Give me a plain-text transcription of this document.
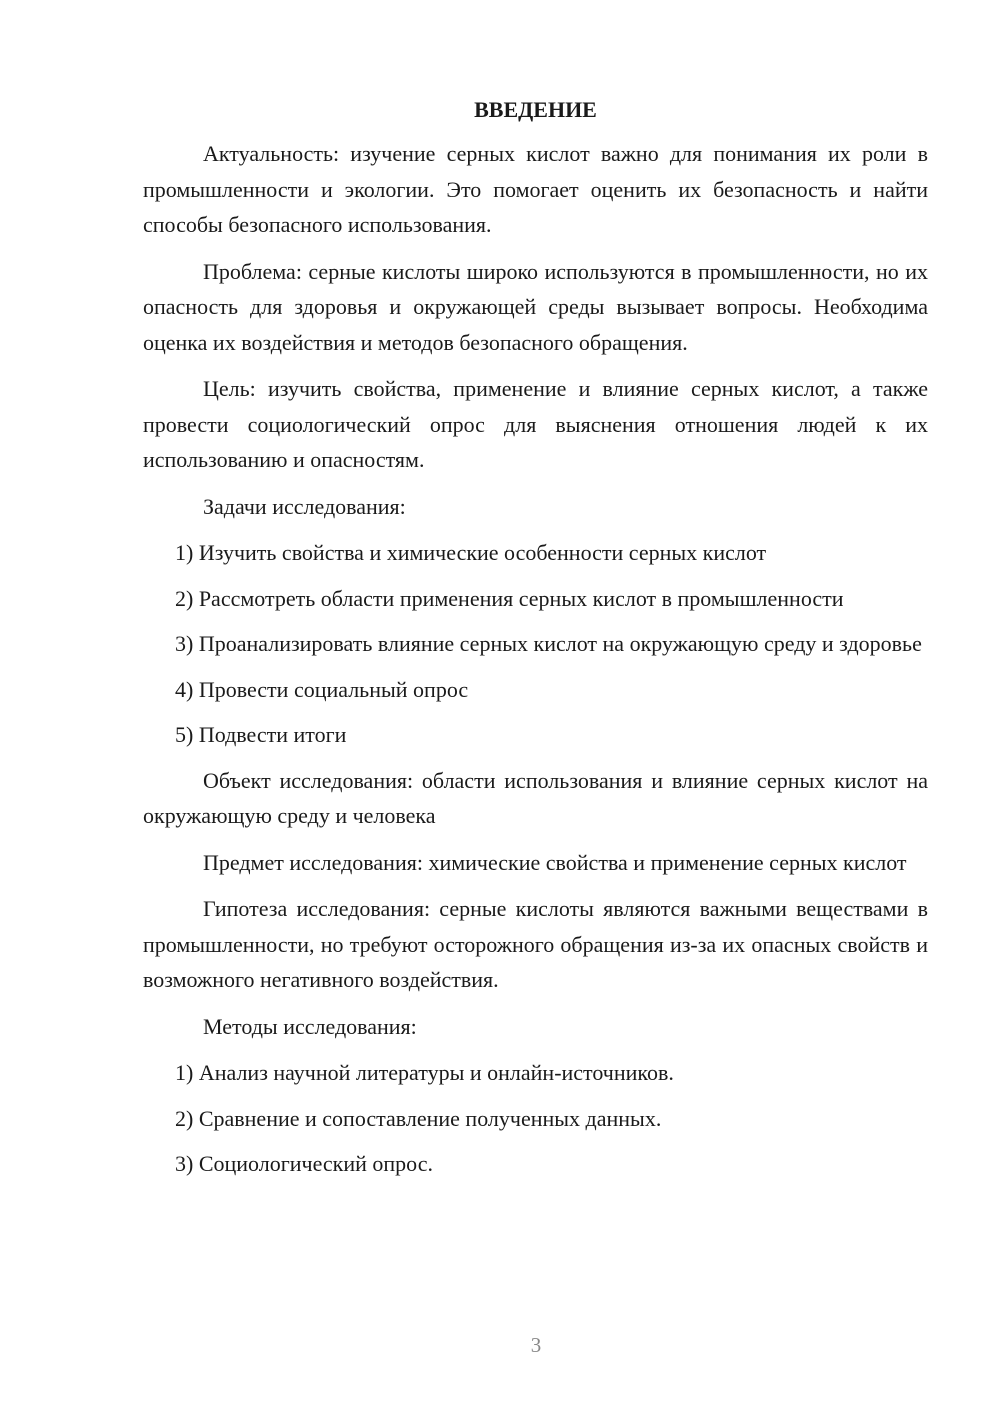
ВВЕДЕНИЕ

Актуальность: изучение серных кислот важно для понимания их роли в промышленности и экологии. Это помогает оценить их безопасность и найти способы безопасного использования.

Проблема: серные кислоты широко используются в промышленности, но их опасность для здоровья и окружающей среды вызывает вопросы. Необходима оценка их воздействия и методов безопасного обращения.

Цель: изучить свойства, применение и влияние серных кислот, а также провести социологический опрос для выяснения отношения людей к их использованию и опасностям.

Задачи исследования:

1) Изучить свойства и химические особенности серных кислот

2) Рассмотреть области применения серных кислот в промышленности

3) Проанализировать влияние серных кислот на окружающую среду и здоровье

4) Провести социальный опрос

5) Подвести итоги

Объект исследования: области использования и влияние серных кислот на окружающую среду и человека

Предмет исследования: химические свойства и применение серных кислот

Гипотеза исследования: серные кислоты являются важными веществами в промышленности, но требуют осторожного обращения из-за их опасных свойств и возможного негативного воздействия.

Методы исследования:

1) Анализ научной литературы и онлайн-источников.

2) Сравнение и сопоставление полученных данных.

3) Социологический опрос.

3
